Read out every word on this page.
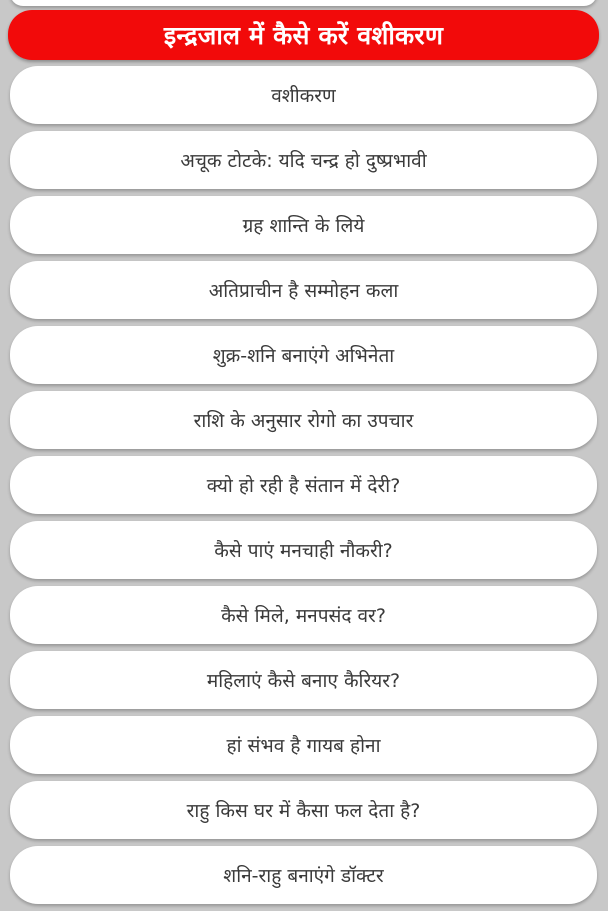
इन्द्रजाल में कैसे करें वशीकरण
वशीकरण
अचूक टोटके: यदि चन्द्र हो दुष्प्रभावी
ग्रह शान्ति के लिये
अतिप्राचीन है सम्मोहन कला
शुक्र-शनि बनाएंगे अभिनेता
राशि के अनुसार रोगो का उपचार
क्यो हो रही है संतान में देरी?
कैसे पाएं मनचाही नौकरी?
कैसे मिले, मनपसंद वर?
महिलाएं कैसे बनाए कैरियर?
हां संभव है गायब होना
राहु किस घर में कैसा फल देता है?
शनि-राहु बनाएंगे डॉक्टर
